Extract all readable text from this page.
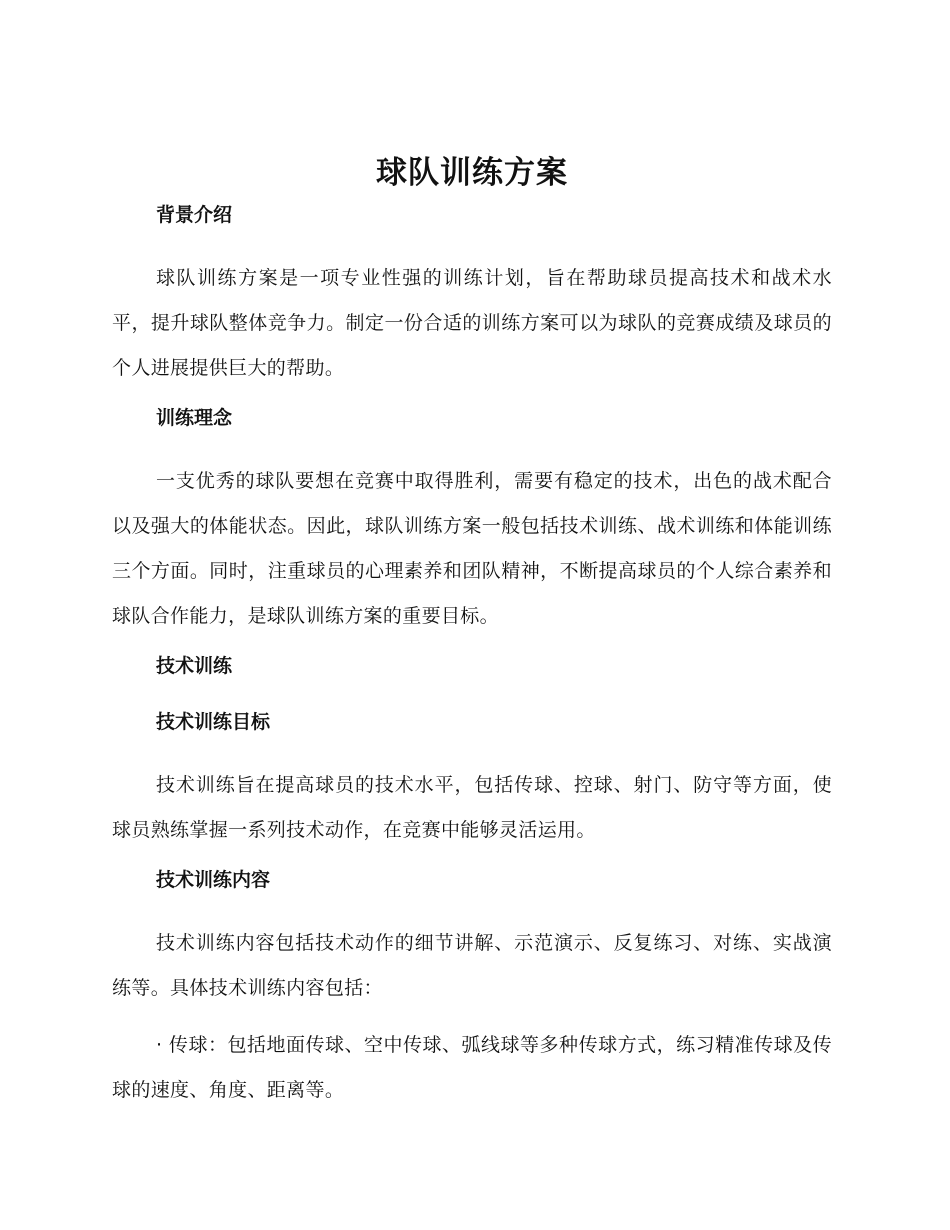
球队训练方案
背景介绍

球队训练方案是一项专业性强的训练计划，旨在帮助球员提高技术和战术水平，提升球队整体竞争力。制定一份合适的训练方案可以为球队的竞赛成绩及球员的个人进展提供巨大的帮助。

训练理念

一支优秀的球队要想在竞赛中取得胜利，需要有稳定的技术，出色的战术配合以及强大的体能状态。因此，球队训练方案一般包括技术训练、战术训练和体能训练三个方面。同时，注重球员的心理素养和团队精神，不断提高球员的个人综合素养和球队合作能力，是球队训练方案的重要目标。

技术训练
技术训练目标

技术训练旨在提高球员的技术水平，包括传球、控球、射门、防守等方面，使球员熟练掌握一系列技术动作，在竞赛中能够灵活运用。

技术训练内容

技术训练内容包括技术动作的细节讲解、示范演示、反复练习、对练、实战演练等。具体技术训练内容包括：

· 传球：包括地面传球、空中传球、弧线球等多种传球方式，练习精准传球及传球的速度、角度、距离等。
